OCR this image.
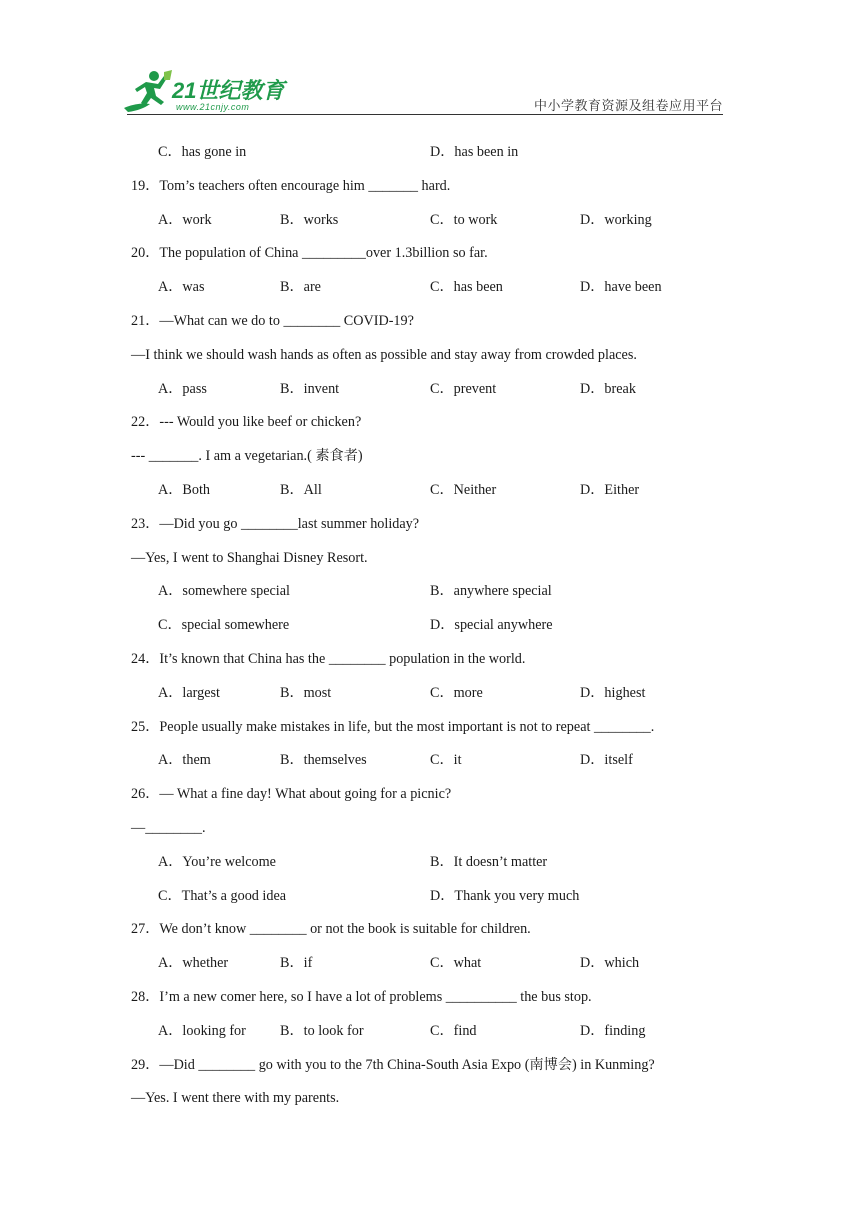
21世纪教育
www.21cnjy.com	中小学教育资源及组卷应用平台
C．has gone in	D．has been in
19．Tom’s teachers often encourage him _______ hard.
A．work	B．works	C．to work	D．working
20．The population of China _________over 1.3billion so far.
A．was	B．are	C．has been	D．have been
21．—What can we do to ________ COVID-19?
—I think we should wash hands as often as possible and stay away from crowded places.
A．pass	B．invent	C．prevent	D．break
22．--- Would you like beef or chicken?
--- _______. I am a vegetarian.( 素食者)
A．Both	B．All	C．Neither	D．Either
23．—Did you go ________last summer holiday?
—Yes, I went to Shanghai Disney Resort.
A．somewhere special	B．anywhere special
C．special somewhere	D．special anywhere
24．It’s known that China has the ________ population in the world.
A．largest	B．most	C．more	D．highest
25．People usually make mistakes in life, but the most important is not to repeat ________.
A．them	B．themselves	C．it	D．itself
26．— What a fine day! What about going for a picnic?
—________.
A．You’re welcome	B．It doesn’t matter
C．That’s a good idea	D．Thank you very much
27．We don’t know ________ or not the book is suitable for children.
A．whether	B．if	C．what	D．which
28．I’m a new comer here, so I have a lot of problems __________ the bus stop.
A．looking for B．to look for	C．find	D．finding
29．—Did ________ go with you to the 7th China-South Asia Expo (南博会) in Kunming?
—Yes. I went there with my parents.
